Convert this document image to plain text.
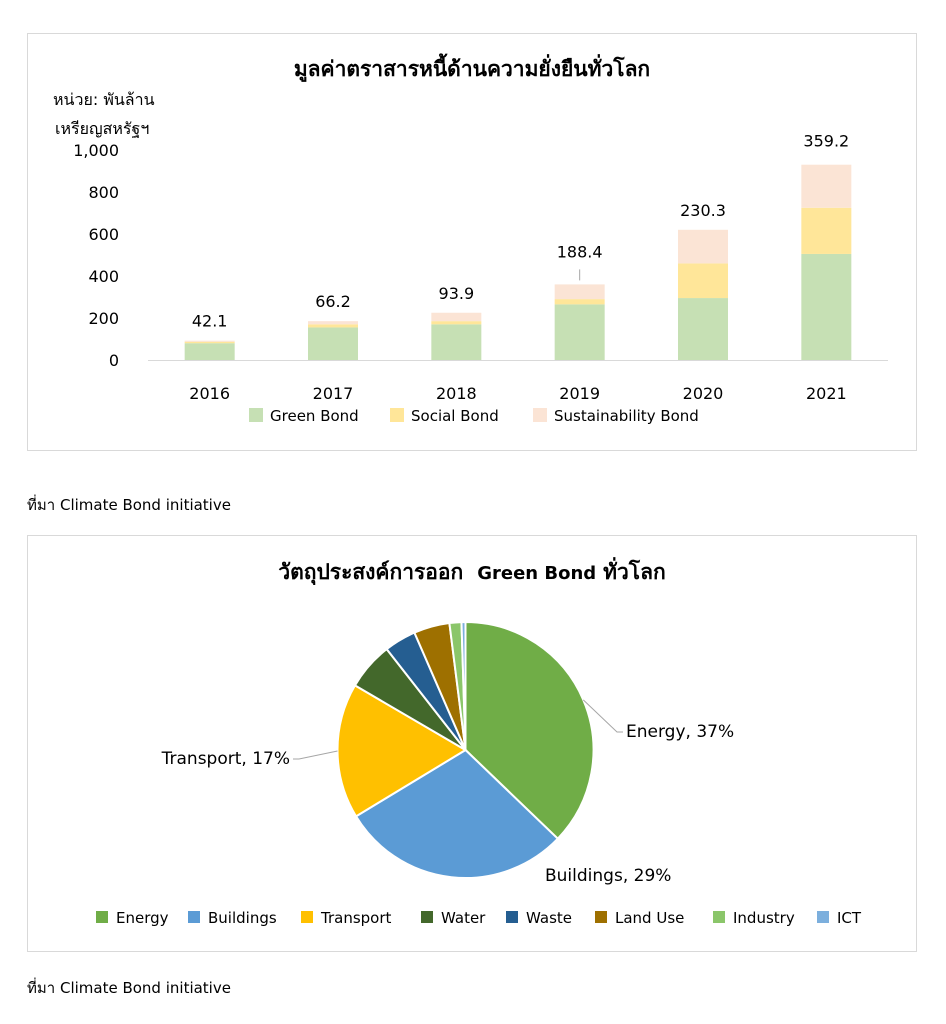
มูลค่าตราสารหนี้ด้านความยั่งยืนทั่วโลก
หน่วย: พันล้าน
เหรียญสหรัฐฯ
0
200
400
600
800
1,000
2016	2017	2018	2019	2020	2021
42.1
66.2	93.9
188.4
230.3
359.2
Green Bond	Social Bond	Sustainability Bond
ที่มา Climate Bond initiative
วัตถุประสงค์การออก Green Bond ทั่วโลก
Energy, 37%
Buildings, 29%
Transport, 17%
Energy	Buildings	Transport	Water	Waste	Land Use	Industry	ICT
ที่มา Climate Bond initiative
